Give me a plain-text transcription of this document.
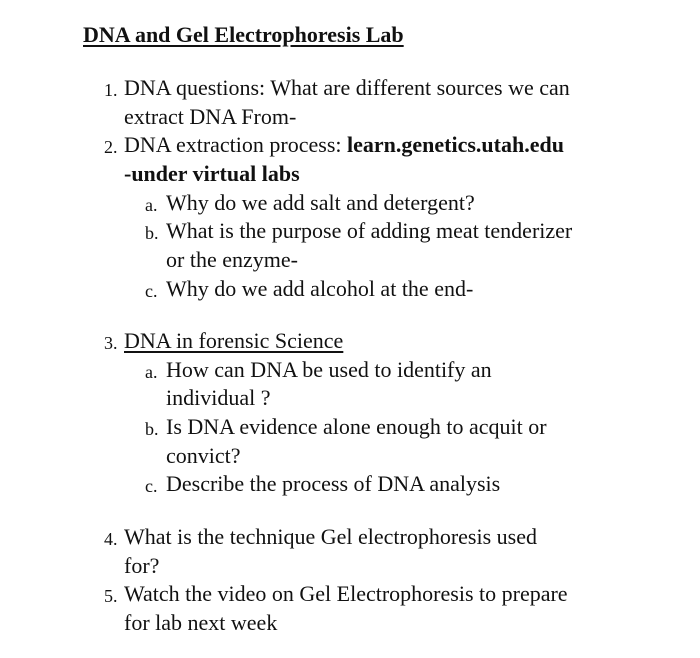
DNA and Gel Electrophoresis Lab
1. DNA questions: What are different sources we can
extract DNA From-
2. DNA extraction process: learn.genetics.utah.edu
-under virtual labs
a. Why do we add salt and detergent?
b. What is the purpose of adding meat tenderizer
or the enzyme-
c. Why do we add alcohol at the end-
3. DNA in forensic Science
a. How can DNA be used to identify an
individual ?
b. Is DNA evidence alone enough to acquit or
convict?
c. Describe the process of DNA analysis
4. What is the technique Gel electrophoresis used
for?
5. Watch the video on Gel Electrophoresis to prepare
for lab next week
